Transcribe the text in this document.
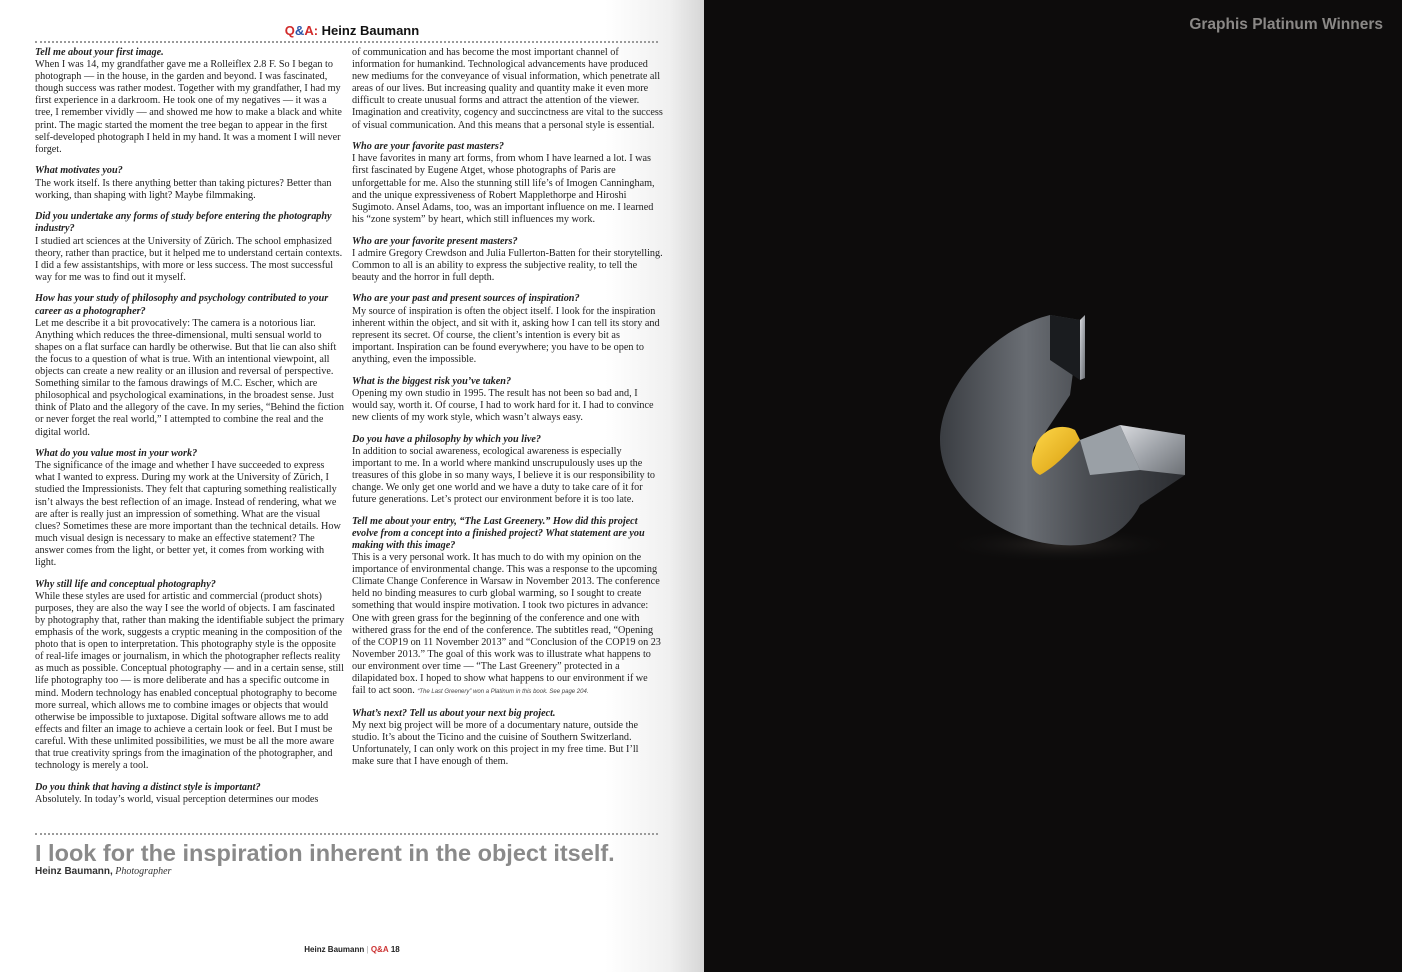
Q&A: Heinz Baumann

Tell me about your first image.
When I was 14, my grandfather gave me a Rolleiflex 2.8 F. So I began to photograph — in the house, in the garden and beyond. I was fascinated, though success was rather modest. Together with my grandfather, I had my first experience in a darkroom. He took one of my negatives — it was a tree, I remember vividly — and showed me how to make a black and white print. The magic started the moment the tree began to appear in the first self-developed photograph I held in my hand. It was a moment I will never forget.

What motivates you?
The work itself. Is there anything better than taking pictures? Better than working, than shaping with light? Maybe filmmaking.

Did you undertake any forms of study before entering the photography industry?
I studied art sciences at the University of Zürich. The school emphasized theory, rather than practice, but it helped me to understand certain contexts. I did a few assistantships, with more or less success. The most successful way for me was to find out it myself.

How has your study of philosophy and psychology contributed to your career as a photographer?
Let me describe it a bit provocatively: The camera is a notorious liar. Anything which reduces the three-dimensional, multi sensual world to shapes on a flat surface can hardly be otherwise. But that lie can also shift the focus to a question of what is true. With an intentional viewpoint, all objects can create a new reality or an illusion and reversal of perspective. Something similar to the famous drawings of M.C. Escher, which are philosophical and psychological examinations, in the broadest sense. Just think of Plato and the allegory of the cave. In my series, “Behind the fiction or never forget the real world,” I attempted to combine the real and the digital world.

What do you value most in your work?
The significance of the image and whether I have succeeded to express what I wanted to express. During my work at the University of Zürich, I studied the Impressionists. They felt that capturing something realistically isn’t always the best reflection of an image. Instead of rendering, what we are after is really just an impression of something. What are the visual clues? Sometimes these are more important than the technical details. How much visual design is necessary to make an effective statement? The answer comes from the light, or better yet, it comes from working with light.

Why still life and conceptual photography?
While these styles are used for artistic and commercial (product shots) purposes, they are also the way I see the world of objects. I am fascinated by photography that, rather than making the identifiable subject the primary emphasis of the work, suggests a cryptic meaning in the composition of the photo that is open to interpretation. This photography style is the opposite of real-life images or journalism, in which the photographer reflects reality as much as possible. Conceptual photography — and in a certain sense, still life photography too — is more deliberate and has a specific outcome in mind. Modern technology has enabled conceptual photography to become more surreal, which allows me to combine images or objects that would otherwise be impossible to juxtapose. Digital software allows me to add effects and filter an image to achieve a certain look or feel. But I must be careful. With these unlimited possibilities, we must be all the more aware that true creativity springs from the imagination of the photographer, and technology is merely a tool.

Do you think that having a distinct style is important?
Absolutely. In today’s world, visual perception determines our modes

of communication and has become the most important channel of information for humankind. Technological advancements have produced new mediums for the conveyance of visual information, which penetrate all areas of our lives. But increasing quality and quantity make it even more difficult to create unusual forms and attract the attention of the viewer. Imagination and creativity, cogency and succinctness are vital to the success of visual communication. And this means that a personal style is essential.

Who are your favorite past masters?
I have favorites in many art forms, from whom I have learned a lot. I was first fascinated by Eugene Atget, whose photographs of Paris are unforgettable for me. Also the stunning still life’s of Imogen Canningham, and the unique expressiveness of Robert Mapplethorpe and Hiroshi Sugimoto. Ansel Adams, too, was an important influence on me. I learned his “zone system” by heart, which still influences my work.

Who are your favorite present masters?
I admire Gregory Crewdson and Julia Fullerton-Batten for their storytelling. Common to all is an ability to express the subjective reality, to tell the beauty and the horror in full depth.

Who are your past and present sources of inspiration?
My source of inspiration is often the object itself. I look for the inspiration inherent within the object, and sit with it, asking how I can tell its story and represent its secret. Of course, the client’s intention is every bit as important. Inspiration can be found everywhere; you have to be open to anything, even the impossible.

What is the biggest risk you’ve taken?
Opening my own studio in 1995. The result has not been so bad and, I would say, worth it. Of course, I had to work hard for it. I had to convince new clients of my work style, which wasn’t always easy.

Do you have a philosophy by which you live?
In addition to social awareness, ecological awareness is especially important to me. In a world where mankind unscrupulously uses up the treasures of this globe in so many ways, I believe it is our responsibility to change. We only get one world and we have a duty to take care of it for future generations. Let’s protect our environment before it is too late.

Tell me about your entry, “The Last Greenery.” How did this project evolve from a concept into a finished project? What statement are you making with this image?
This is a very personal work. It has much to do with my opinion on the importance of environmental change. This was a response to the upcoming Climate Change Conference in Warsaw in November 2013. The conference held no binding measures to curb global warming, so I sought to create something that would inspire motivation. I took two pictures in advance: One with green grass for the beginning of the conference and one with withered grass for the end of the conference. The subtitles read, “Opening of the COP19 on 11 November 2013” and “Conclusion of the COP19 on 23 November 2013.” The goal of this work was to illustrate what happens to our environment over time — “The Last Greenery” protected in a dilapidated box. I hoped to show what happens to our environment if we fail to act soon. “The Last Greenery” won a Platinum in this book. See page 204.

What’s next? Tell us about your next big project.
My next big project will be more of a documentary nature, outside the studio. It’s about the Ticino and the cuisine of Southern Switzerland. Unfortunately, I can only work on this project in my free time. But I’ll make sure that I have enough of them.

I look for the inspiration inherent in the object itself.
Heinz Baumann, Photographer
Heinz Baumann | Q&A 18
Graphis Platinum Winners
